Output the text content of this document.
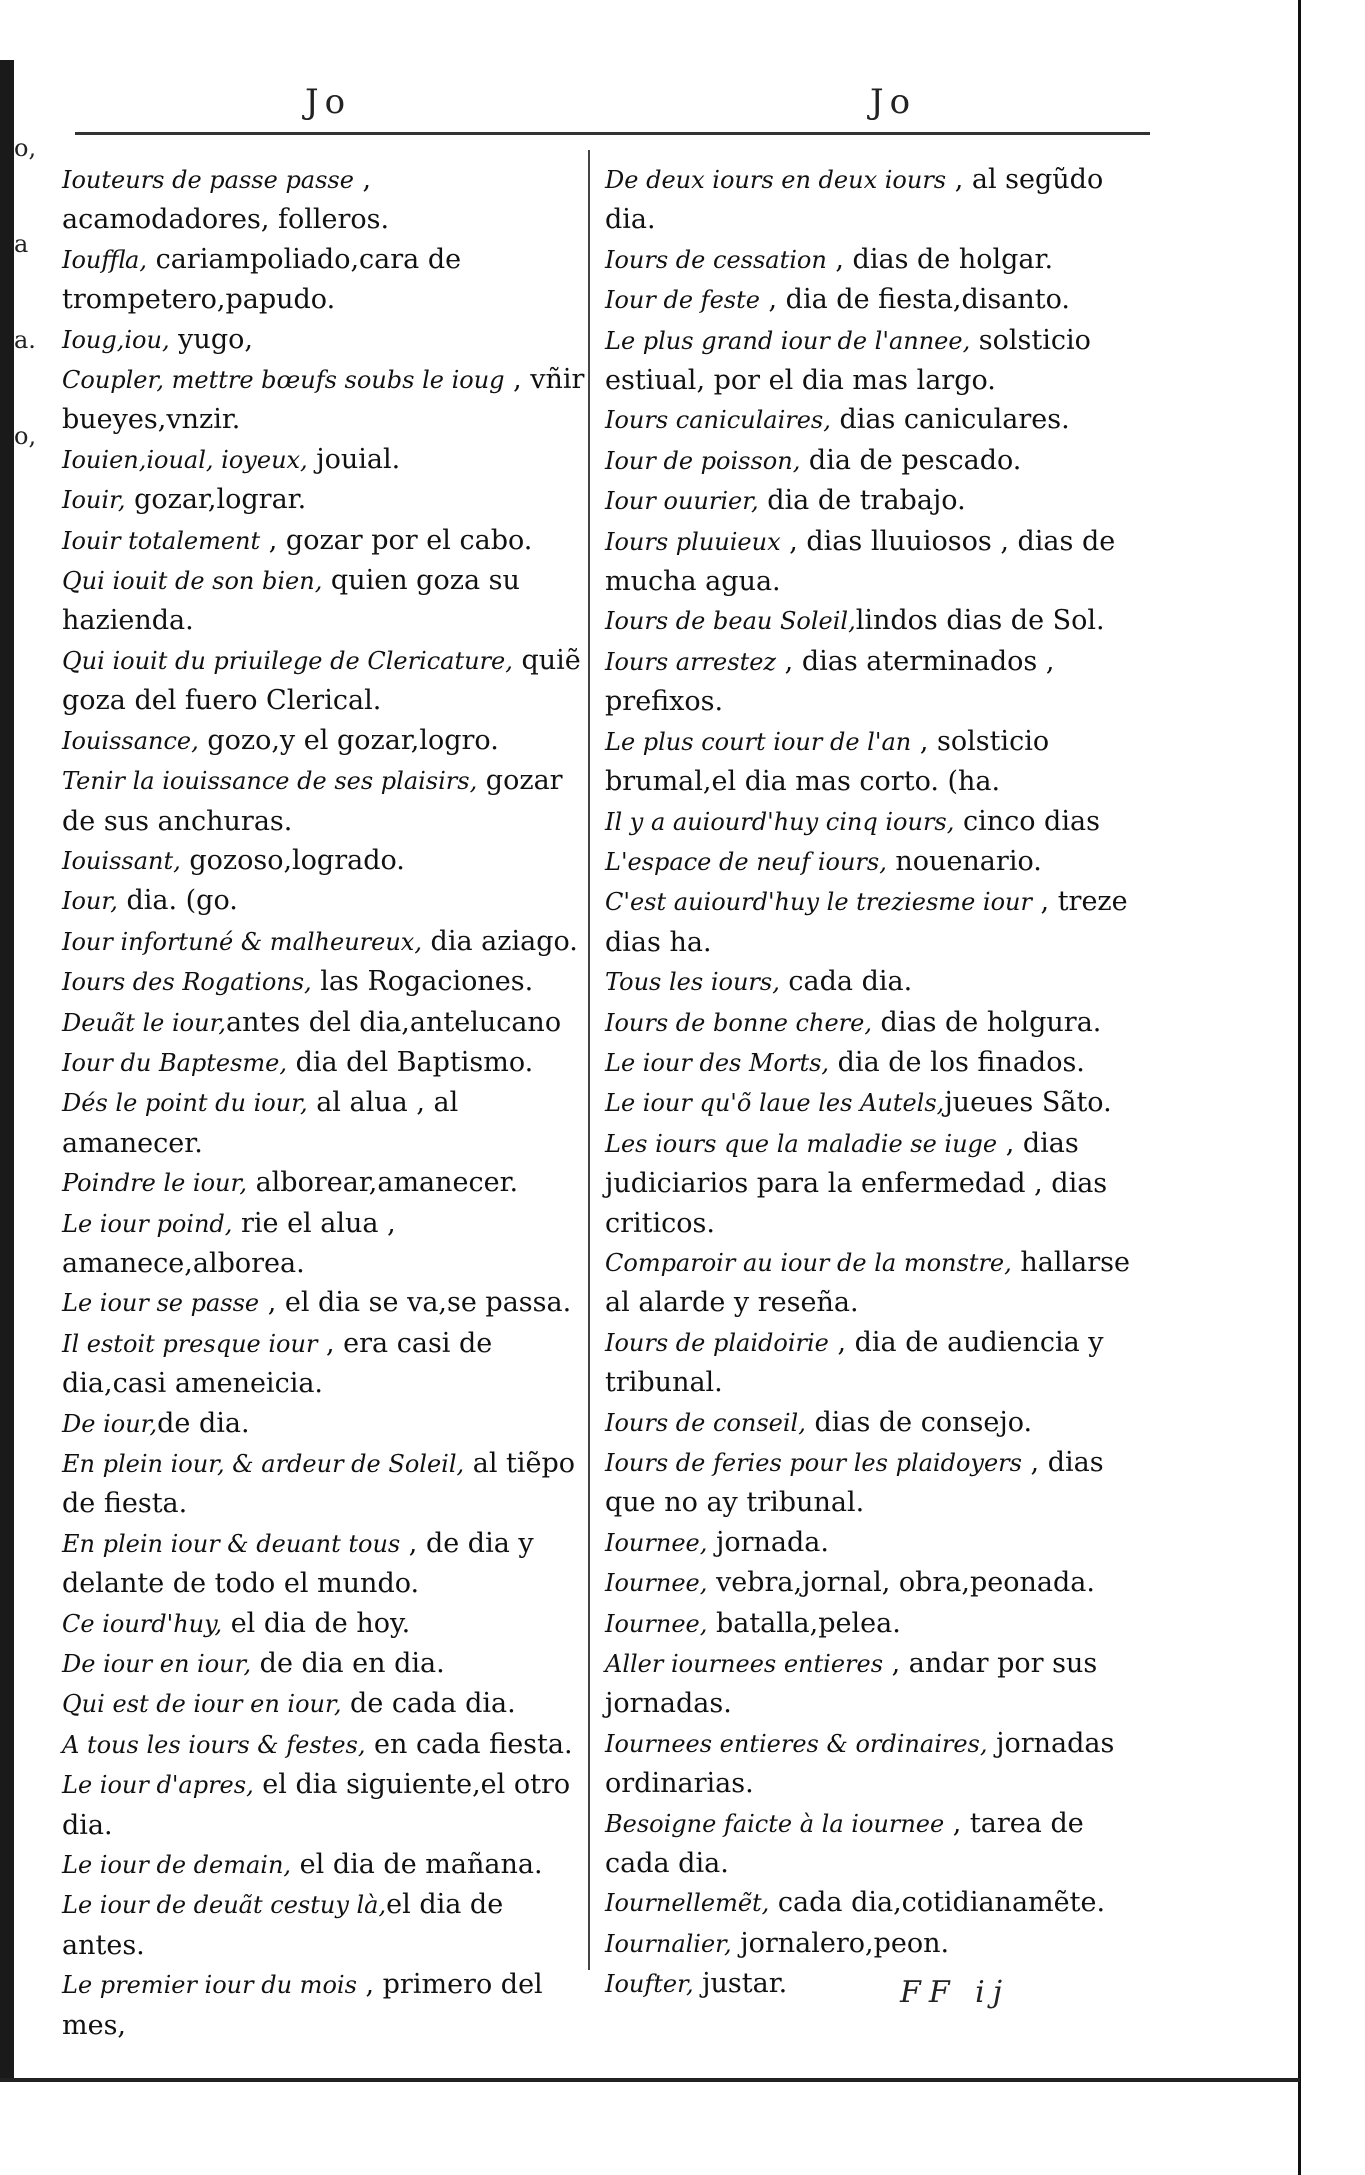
o,
a
a.
o,
Jo	Jo
Iouteurs de passe passe , acamodadores, folleros.
Iouffla, cariampoliado,cara de trompetero,papudo.
Ioug,iou, yugo,
Coupler, mettre bœufs soubs le ioug , vñir bueyes,vnzir.
Iouien,ioual, ioyeux, jouial.
Iouir, gozar,lograr.
Iouir totalement , gozar por el cabo.
Qui iouit de son bien, quien goza su hazienda.
Qui iouit du priuilege de Clericature, quiẽ goza del fuero Clerical.
Iouissance, gozo,y el gozar,logro.
Tenir la iouissance de ses plaisirs, gozar de sus anchuras.
Iouissant, gozoso,logrado.
Iour, dia. (go.
Iour infortuné & malheureux, dia aziago.
Iours des Rogations, las Rogaciones.
Deuãt le iour,antes del dia,antelucano
Iour du Baptesme, dia del Baptismo.
Dés le point du iour, al alua , al amanecer.
Poindre le iour, alborear,amanecer.
Le iour poind, rie el alua , amanece,alborea.
Le iour se passe , el dia se va,se passa.
Il estoit presque iour , era casi de dia,casi ameneicia.
De iour,de dia.
En plein iour, & ardeur de Soleil, al tiẽpo de fiesta.
En plein iour & deuant tous , de dia y delante de todo el mundo.
Ce iourd'huy, el dia de hoy.
De iour en iour, de dia en dia.
Qui est de iour en iour, de cada dia.
A tous les iours & festes, en cada fiesta.
Le iour d'apres, el dia siguiente,el otro dia.
Le iour de demain, el dia de mañana.
Le iour de deuãt cestuy là,el dia de antes.
Le premier iour du mois , primero del mes,
De deux iours en deux iours , al segũdo dia.
Iours de cessation , dias de holgar.
Iour de feste , dia de fiesta,disanto.
Le plus grand iour de l'annee, solsticio estiual, por el dia mas largo.
Iours caniculaires, dias caniculares.
Iour de poisson, dia de pescado.
Iour ouurier, dia de trabajo.
Iours pluuieux , dias lluuiosos , dias de mucha agua.
Iours de beau Soleil,lindos dias de Sol.
Iours arrestez , dias aterminados , prefixos.
Le plus court iour de l'an , solsticio brumal,el dia mas corto. (ha.
Il y a auiourd'huy cinq iours, cinco dias
L'espace de neuf iours, nouenario.
C'est auiourd'huy le treziesme iour , treze dias ha.
Tous les iours, cada dia.
Iours de bonne chere, dias de holgura.
Le iour des Morts, dia de los finados.
Le iour qu'õ laue les Autels,jueues Sãto.
Les iours que la maladie se iuge , dias judiciarios para la enfermedad , dias criticos.
Comparoir au iour de la monstre, hallarse al alarde y reseña.
Iours de plaidoirie , dia de audiencia y tribunal.
Iours de conseil, dias de consejo.
Iours de feries pour les plaidoyers , dias que no ay tribunal.
Iournee, jornada.
Iournee, vebra,jornal, obra,peonada.
Iournee, batalla,pelea.
Aller iournees entieres , andar por sus jornadas.
Iournees entieres & ordinaires, jornadas ordinarias.
Besoigne faicte à la iournee , tarea de cada dia.
Iournellemẽt, cada dia,cotidianamẽte.
Iournalier, jornalero,peon.
Ioufter, justar.	FF ij
